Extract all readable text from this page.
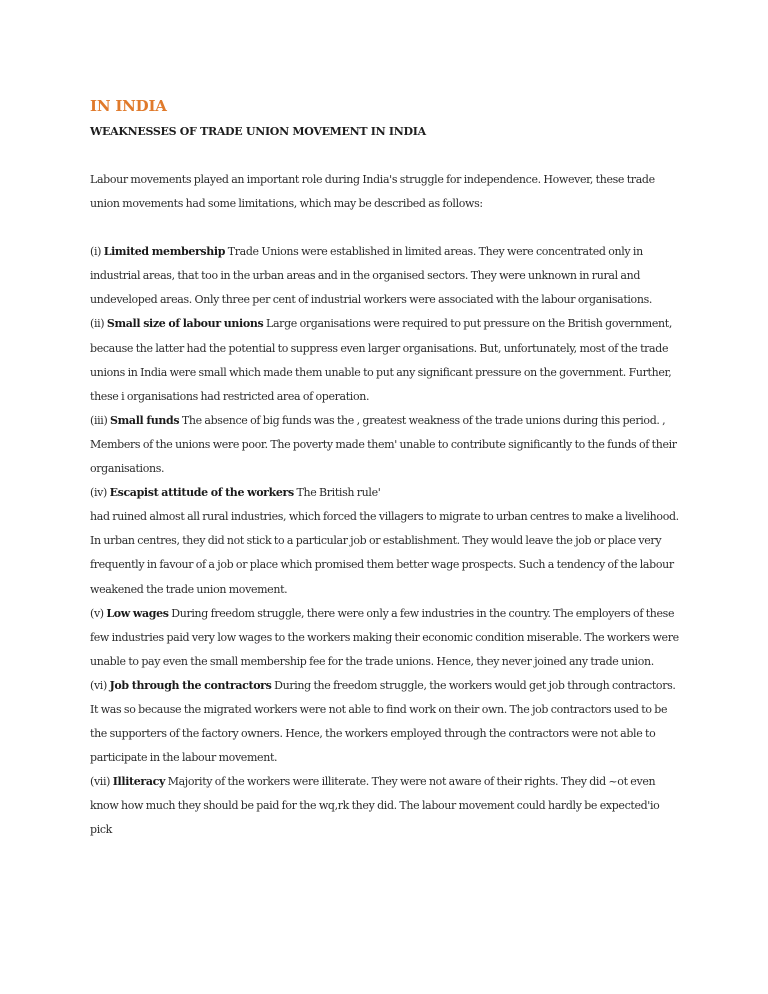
IN INDIA
WEAKNESSES OF TRADE UNION MOVEMENT IN INDIA

Labour movements played an important role during India's struggle for independence. However, these trade union movements had some limitations, which may be described as follows:

(i) Limited membership Trade Unions were established in limited areas. They were concentrated only in industrial areas, that too in the urban areas and in the organised sectors. They were unknown in rural and undeveloped areas. Only three per cent of industrial workers were associated with the labour organisations.

(ii) Small size of labour unions Large organisations were required to put pressure on the British government, because the latter had the potential to suppress even larger organisations. But, unfortunately, most of the trade unions in India were small which made them unable to put any significant pressure on the government. Further, these i organisations had restricted area of operation.

(iii) Small funds The absence of big funds was the , greatest weakness of the trade unions during this period. , Members of the unions were poor. The poverty made them' unable to contribute significantly to the funds of their organisations.

(iv) Escapist attitude of the workers The British rule'

had ruined almost all rural industries, which forced the villagers to migrate to urban centres to make a livelihood. In urban centres, they did not stick to a particular job or establishment. They would leave the job or place very frequently in favour of a job or place which promised them better wage prospects. Such a tendency of the labour weakened the trade union movement.

(v) Low wages During freedom struggle, there were only a few industries in the country. The employers of these few industries paid very low wages to the workers making their economic condition miserable. The workers were unable to pay even the small membership fee for the trade unions. Hence, they never joined any trade union.

(vi) Job through the contractors During the freedom struggle, the workers would get job through contractors. It was so because the migrated workers were not able to find work on their own. The job contractors used to be the supporters of the factory owners. Hence, the workers employed through the contractors were not able to participate in the labour movement.

(vii) Illiteracy Majority of the workers were illiterate. They were not aware of their rights. They did ~ot even know how much they should be paid for the wq,rk they did. The labour movement could hardly be expected'io pick
